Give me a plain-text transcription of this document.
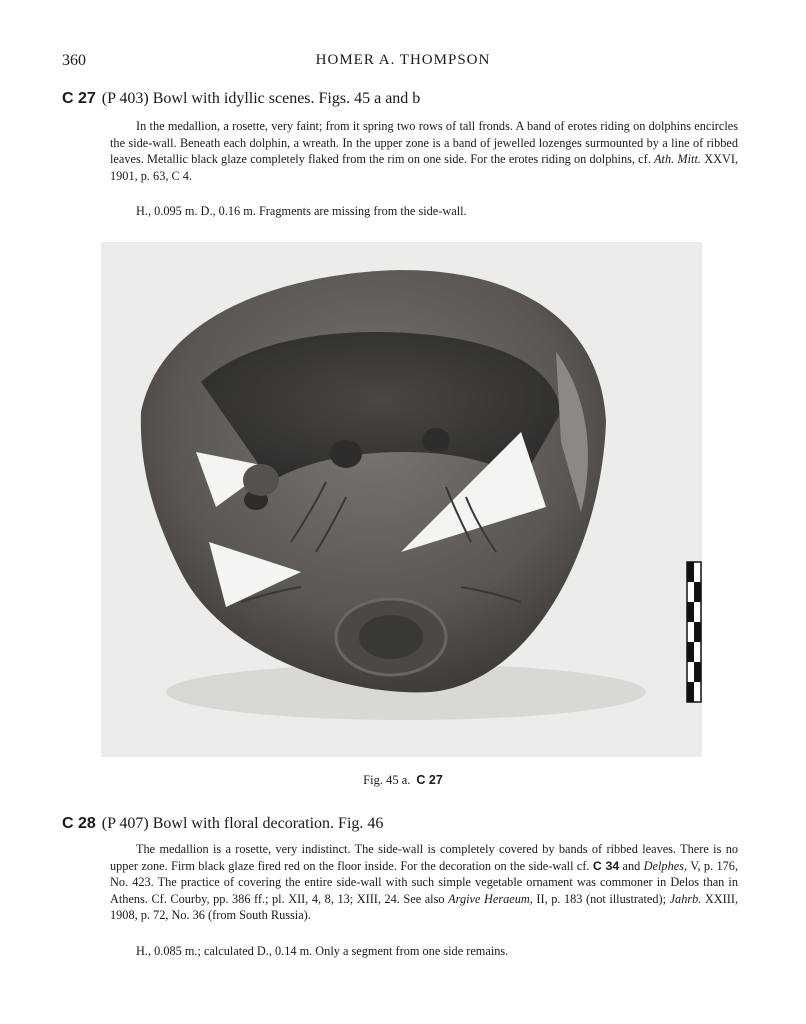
360	HOMER A. THOMPSON
C 27 (P 403) Bowl with idyllic scenes. Figs. 45 a and b

In the medallion, a rosette, very faint; from it spring two rows of tall fronds. A band of erotes riding on dolphins encircles the side-wall. Beneath each dolphin, a wreath. In the upper zone is a band of jewelled lozenges surmounted by a line of ribbed leaves. Metallic black glaze completely flaked from the rim on one side. For the erotes riding on dolphins, cf. Ath. Mitt. XXVI, 1901, p. 63, C 4.

H., 0.095 m. D., 0.16 m. Fragments are missing from the side-wall.

Fig. 45 a. C 27
C 28 (P 407) Bowl with floral decoration. Fig. 46

The medallion is a rosette, very indistinct. The side-wall is completely covered by bands of ribbed leaves. There is no upper zone. Firm black glaze fired red on the floor inside. For the decoration on the side-wall cf. C 34 and Delphes, V, p. 176, No. 423. The practice of covering the entire side-wall with such simple vegetable ornament was commoner in Delos than in Athens. Cf. Courby, pp. 386 ff.; pl. XII, 4, 8, 13; XIII, 24. See also Argive Heraeum, II, p. 183 (not illustrated); Jahrb. XXIII, 1908, p. 72, No. 36 (from South Russia).

H., 0.085 m.; calculated D., 0.14 m. Only a segment from one side remains.
